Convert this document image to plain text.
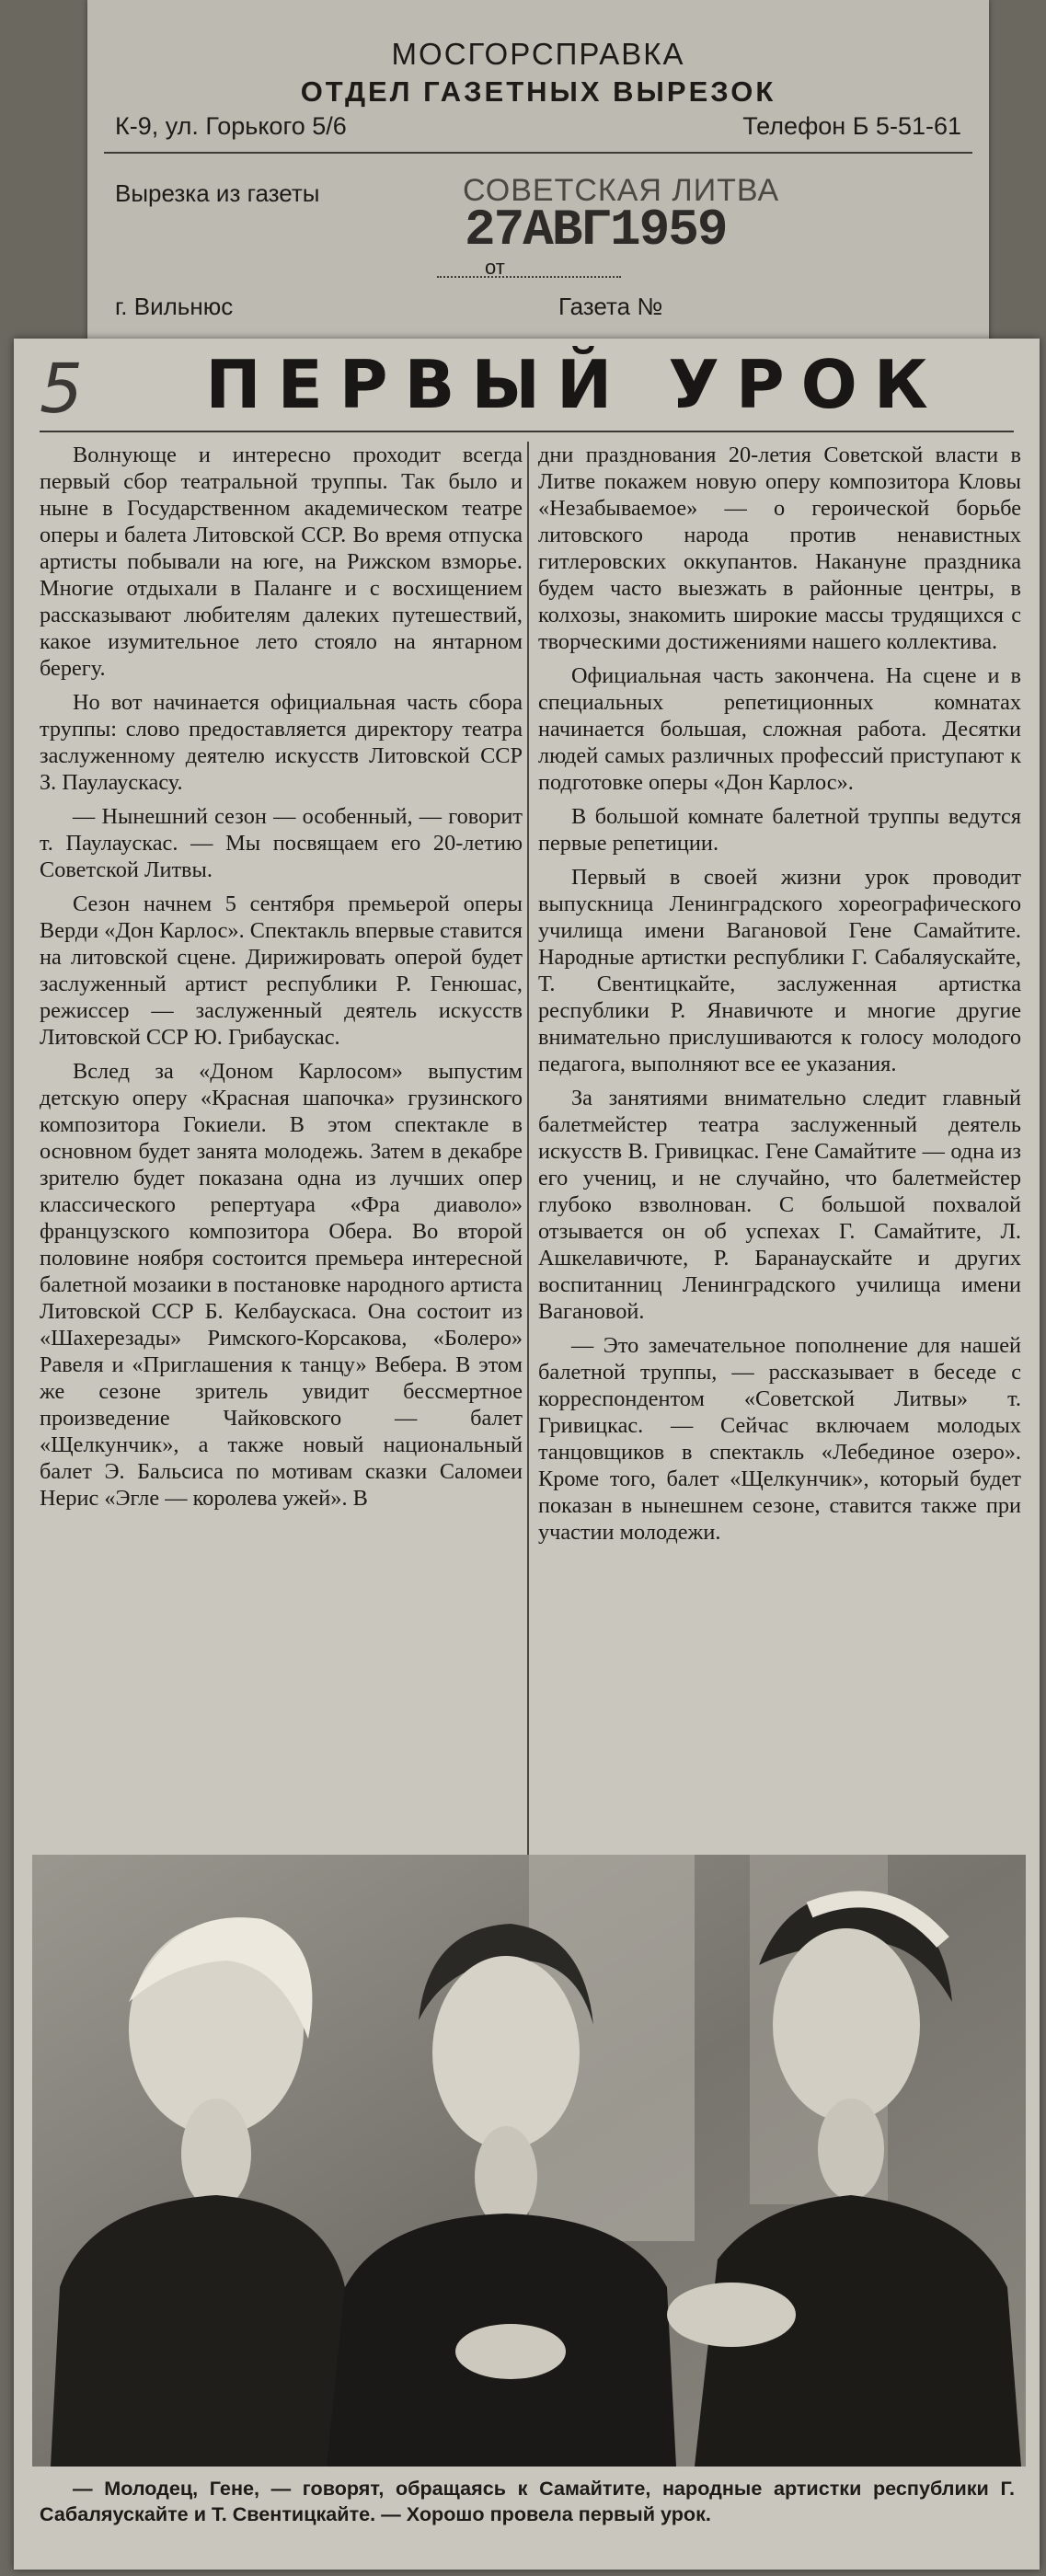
МОСГОРСПРАВКА
ОТДЕЛ ГАЗЕТНЫХ ВЫРЕЗОК
К-9, ул. Горького 5/6	Телефон Б 5-51-61
Вырезка из газеты	СОВЕТСКАЯ ЛИТВА
27АВГ1959
от
г. Вильнюс	Газета №
5	ПЕРВЫЙ УРОК

Волнующе и интересно проходит всегда первый сбор театральной труппы. Так было и ныне в Государственном академическом театре оперы и балета Литовской ССР. Во время отпуска артисты побывали на юге, на Рижском взморье. Многие отдыхали в Паланге и с восхищением рассказывают любителям далеких путешествий, какое изумительное лето стояло на янтарном берегу.

Но вот начинается официальная часть сбора труппы: слово предоставляется директору театра заслуженному деятелю искусств Литовской ССР З. Паулаускасу.

— Нынешний сезон — особенный, — говорит т. Паулаускас. — Мы посвящаем его 20-летию Советской Литвы.

Сезон начнем 5 сентября премьерой оперы Верди «Дон Карлос». Спектакль впервые ставится на литовской сцене. Дирижировать оперой будет заслуженный артист республики Р. Генюшас, режиссер — заслуженный деятель искусств Литовской ССР Ю. Грибаускас.

Вслед за «Доном Карлосом» выпустим детскую оперу «Красная шапочка» грузинского композитора Гокиели. В этом спектакле в основном будет занята молодежь. Затем в декабре зрителю будет показана одна из лучших опер классического репертуара «Фра диаволо» французского композитора Обера. Во второй половине ноября состоится премьера интересной балетной мозаики в постановке народного артиста Литовской ССР Б. Келбаускаса. Она состоит из «Шахерезады» Римского-Корсакова, «Болеро» Равеля и «Приглашения к танцу» Вебера. В этом же сезоне зритель увидит бессмертное произведение Чайковского — балет «Щелкунчик», а также новый национальный балет Э. Бальсиса по мотивам сказки Саломеи Нерис «Эгле — королева ужей». В

дни празднования 20-летия Советской власти в Литве покажем новую оперу композитора Кловы «Незабываемое» — о героической борьбе литовского народа против ненавистных гитлеровских оккупантов. Накануне праздника будем часто выезжать в районные центры, в колхозы, знакомить широкие массы трудящихся с творческими достижениями нашего коллектива.

Официальная часть закончена. На сцене и в специальных репетиционных комнатах начинается большая, сложная работа. Десятки людей самых различных профессий приступают к подготовке оперы «Дон Карлос».

В большой комнате балетной труппы ведутся первые репетиции.

Первый в своей жизни урок проводит выпускница Ленинградского хореографического училища имени Вагановой Гене Самайтите. Народные артистки республики Г. Сабаляускайте, Т. Свентицкайте, заслуженная артистка республики Р. Янавичюте и многие другие внимательно прислушиваются к голосу молодого педагога, выполняют все ее указания.

За занятиями внимательно следит главный балетмейстер театра заслуженный деятель искусств В. Гривицкас. Гене Самайтите — одна из его учениц, и не случайно, что балетмейстер глубоко взволнован. С большой похвалой отзывается он об успехах Г. Самайтите, Л. Ашкелавичюте, Р. Баранаускайте и других воспитанниц Ленинградского училища имени Вагановой.

— Это замечательное пополнение для нашей балетной труппы, — рассказывает в беседе с корреспондентом «Советской Литвы» т. Гривицкас. — Сейчас включаем молодых танцовщиков в спектакль «Лебединое озеро». Кроме того, балет «Щелкунчик», который будет показан в нынешнем сезоне, ставится также при участии молодежи.

— Молодец, Гене, — говорят, обращаясь к Самайтите, народные артистки республики Г. Сабаляускайте и Т. Свентицкайте. — Хорошо провела первый урок.
